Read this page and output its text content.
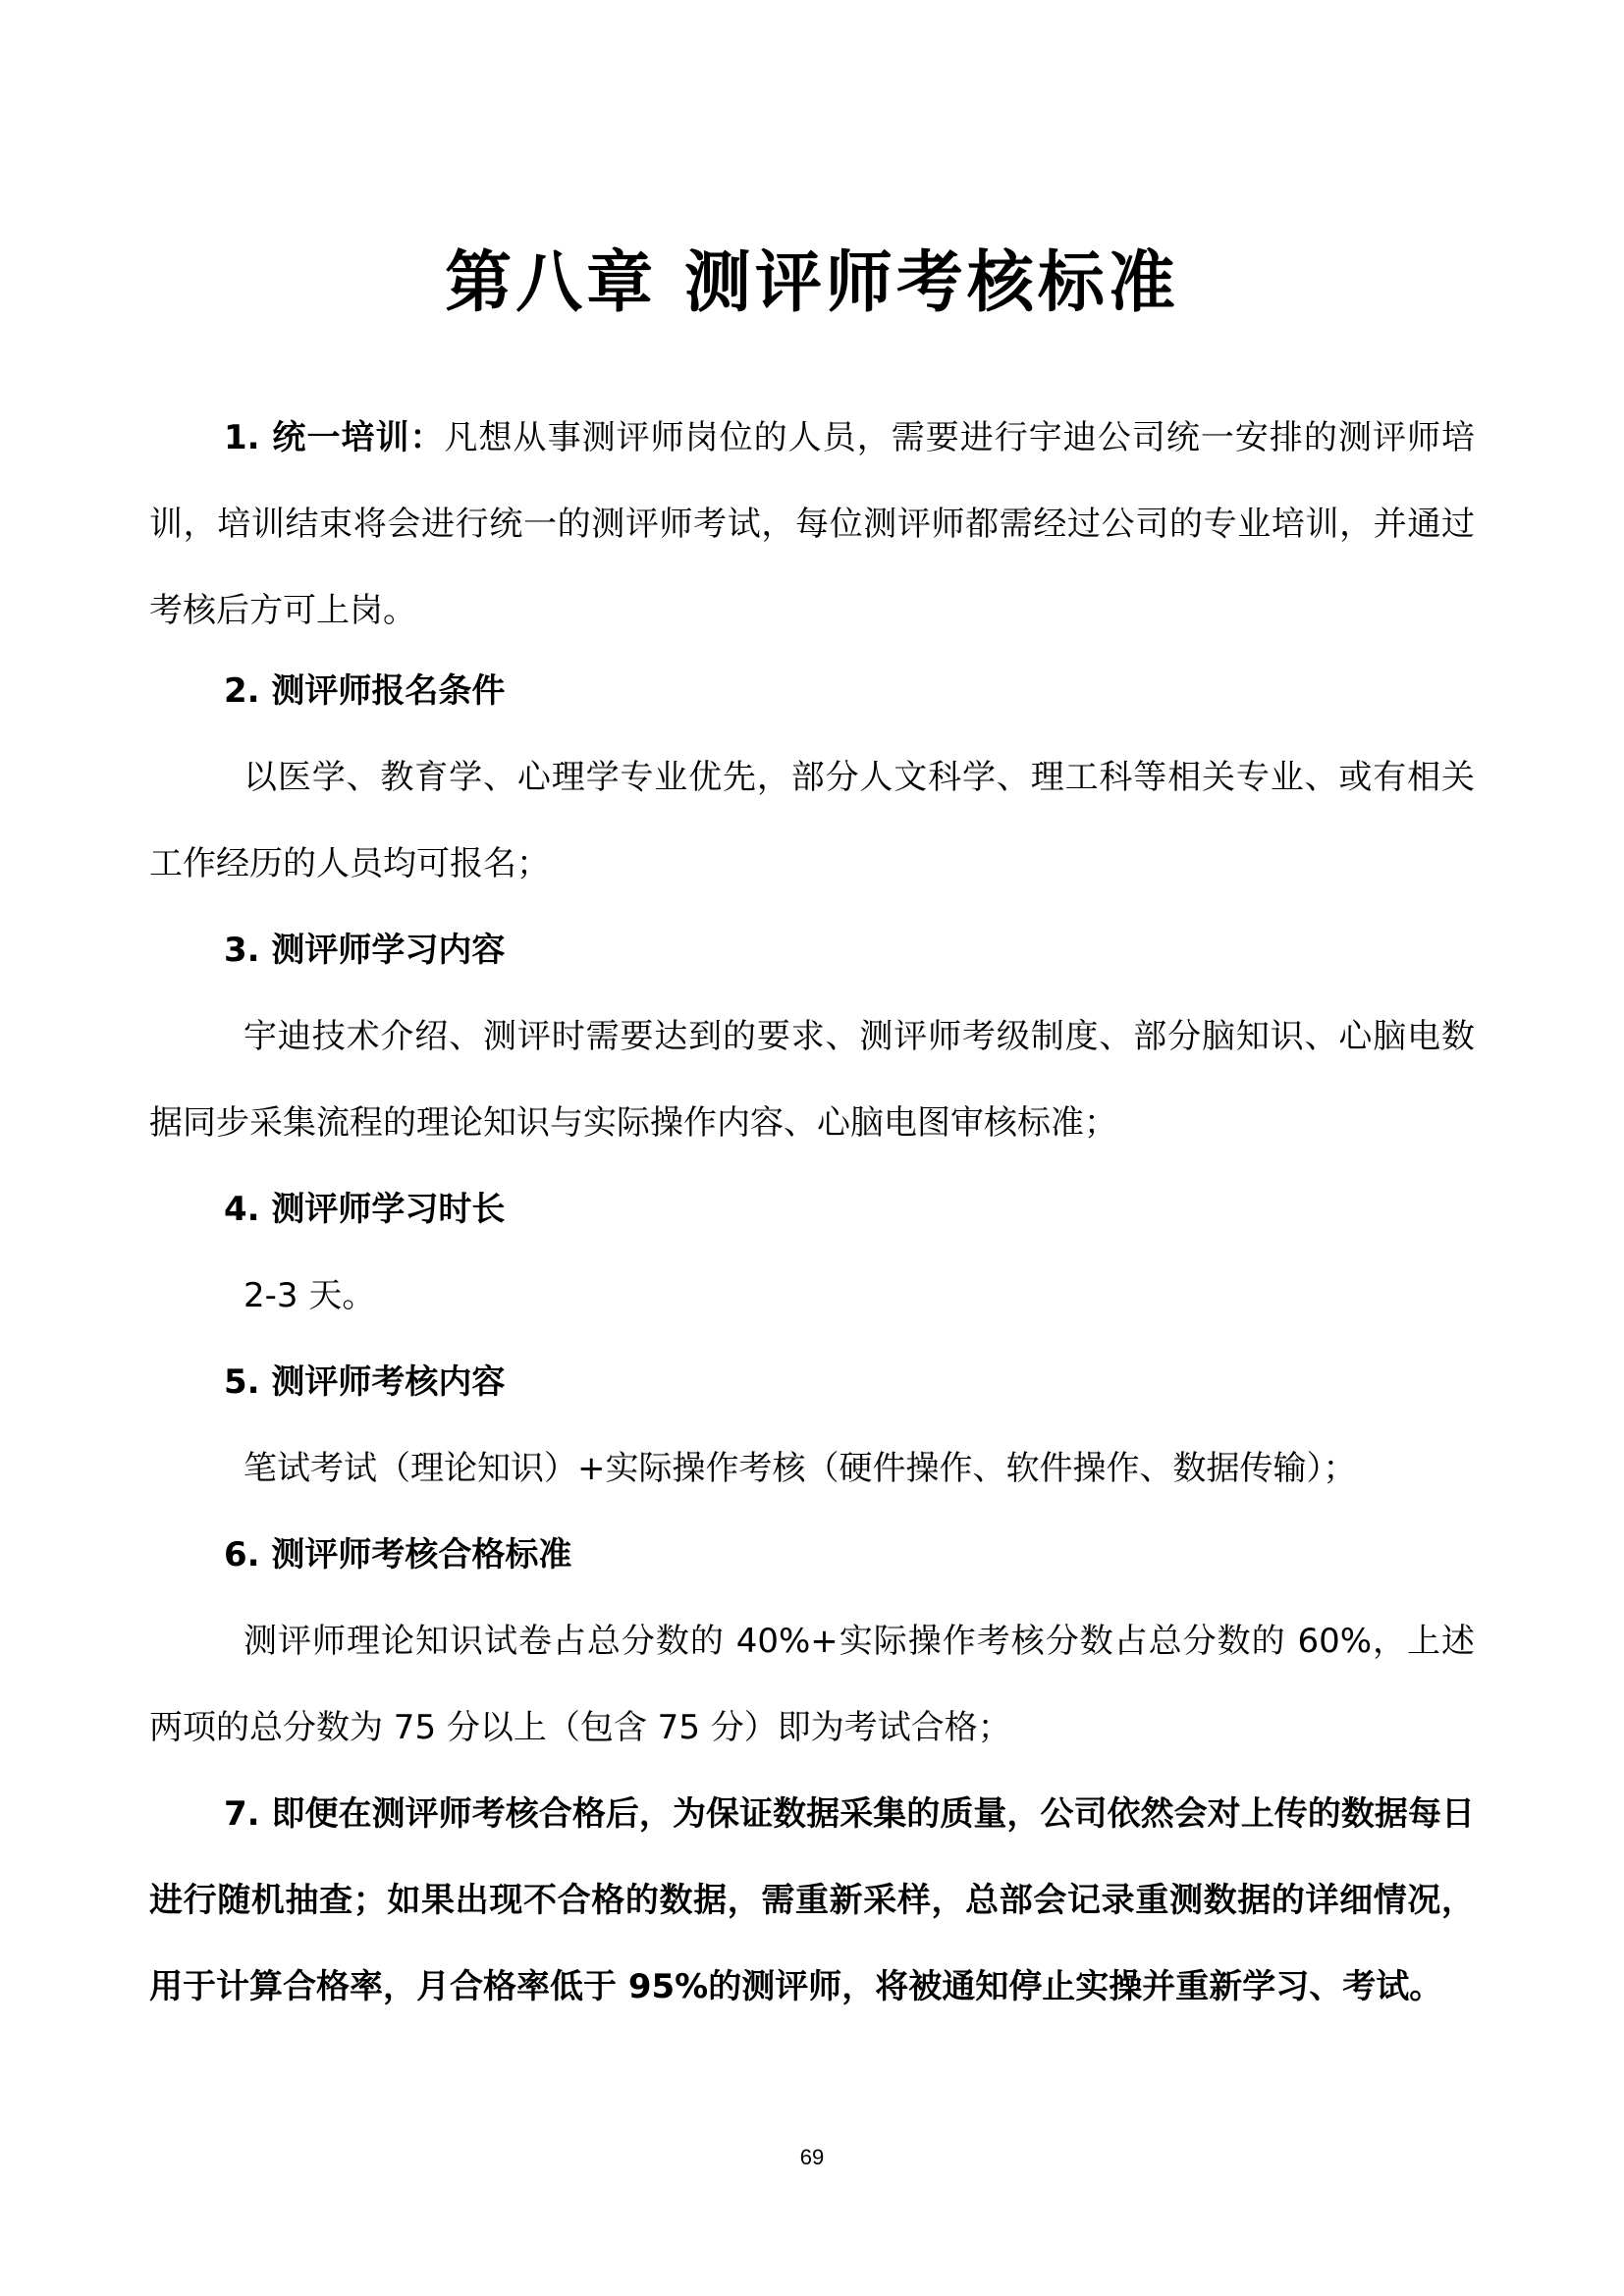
第八章 测评师考核标准
1. 统一培训：凡想从事测评师岗位的人员，需要进行宇迪公司统一安排的测评师培训，培训结束将会进行统一的测评师考试，每位测评师都需经过公司的专业培训，并通过考核后方可上岗。
2. 测评师报名条件
以医学、教育学、心理学专业优先，部分人文科学、理工科等相关专业、或有相关工作经历的人员均可报名；
3. 测评师学习内容
宇迪技术介绍、测评时需要达到的要求、测评师考级制度、部分脑知识、心脑电数据同步采集流程的理论知识与实际操作内容、心脑电图审核标准；
4. 测评师学习时长
2-3 天。
5. 测评师考核内容
笔试考试（理论知识）+实际操作考核（硬件操作、软件操作、数据传输）；
6. 测评师考核合格标准
测评师理论知识试卷占总分数的 40%+实际操作考核分数占总分数的 60%，上述两项的总分数为 75 分以上（包含 75 分）即为考试合格；
7. 即便在测评师考核合格后，为保证数据采集的质量，公司依然会对上传的数据每日进行随机抽查；如果出现不合格的数据，需重新采样，总部会记录重测数据的详细情况，用于计算合格率，月合格率低于 95%的测评师，将被通知停止实操并重新学习、考试。
69
